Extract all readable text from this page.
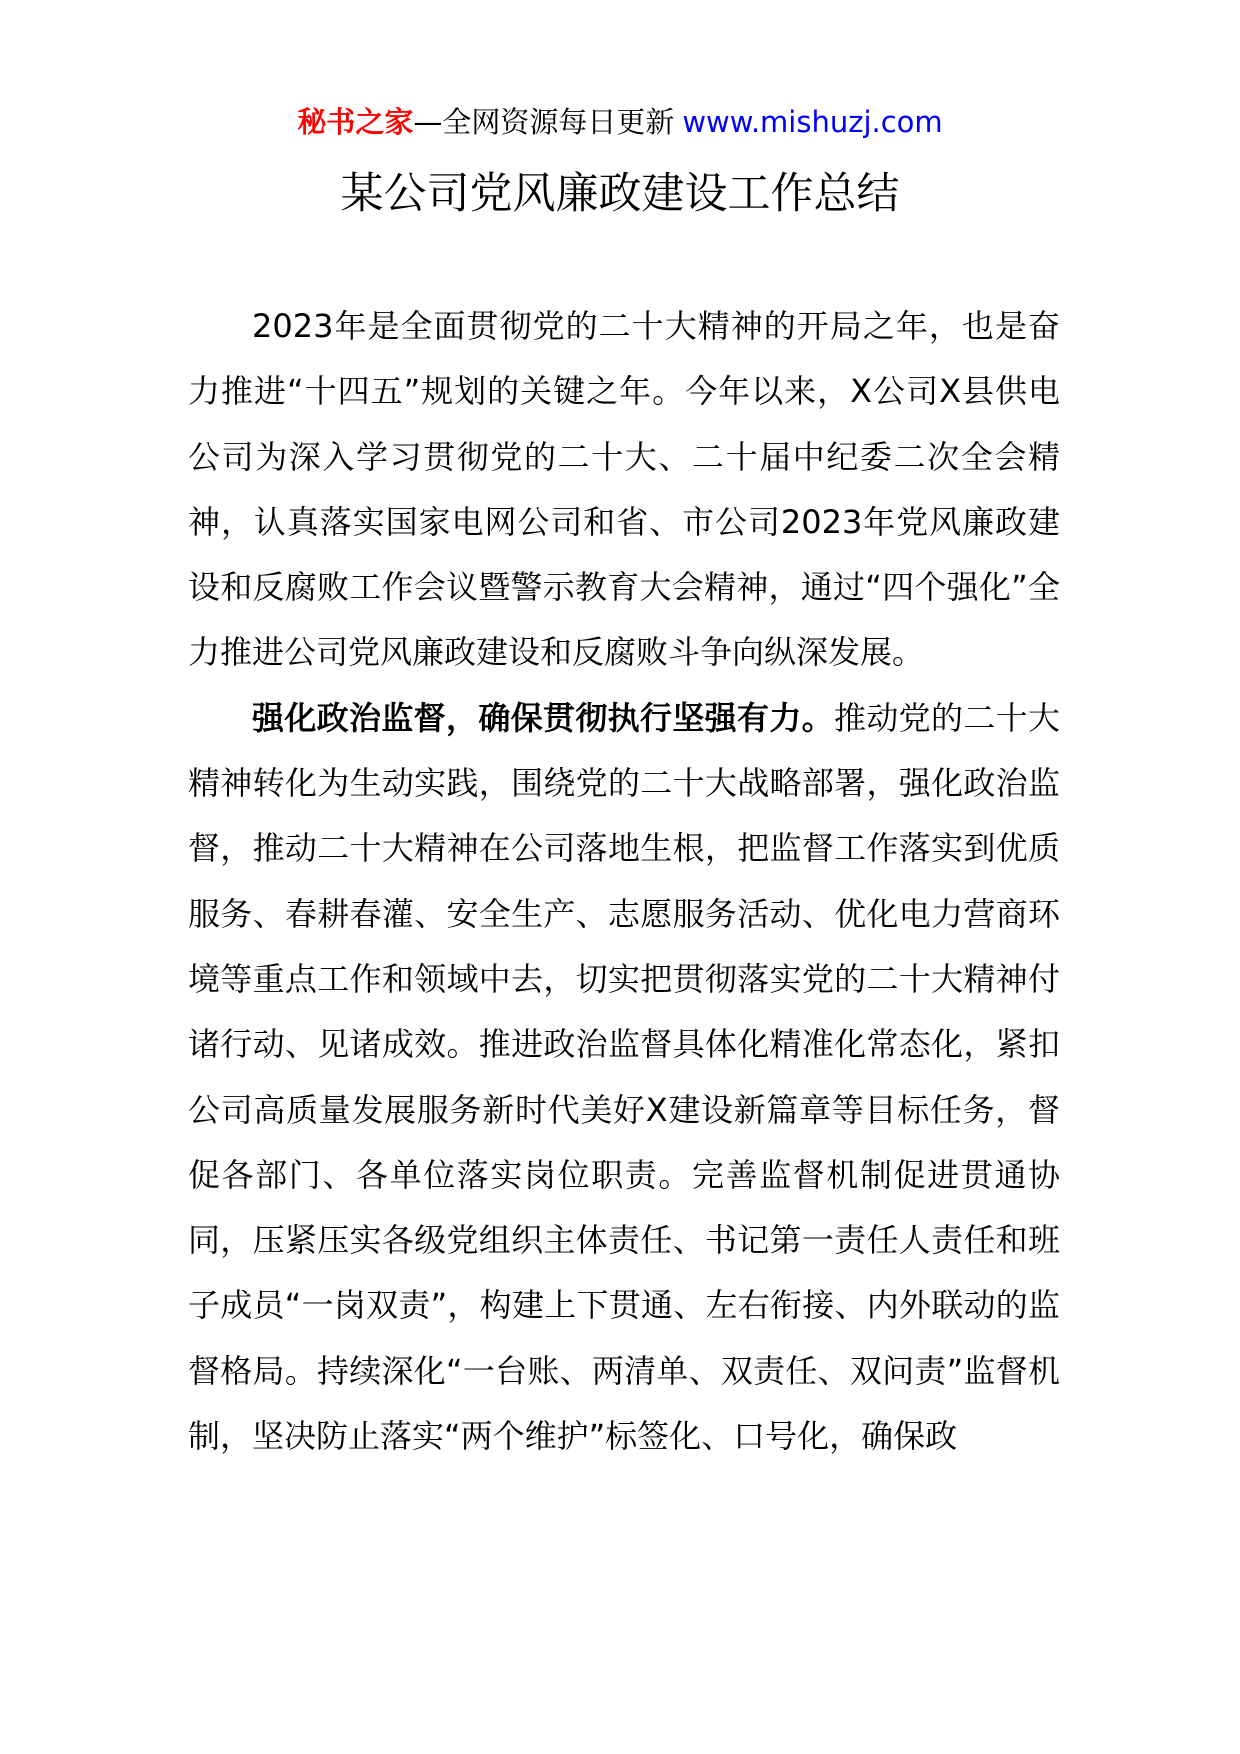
秘书之家—全网资源每日更新 www.mishuzj.com
某公司党风廉政建设工作总结

2023年是全面贯彻党的二十大精神的开局之年，也是奋力推进“十四五”规划的关键之年。今年以来，X公司X县供电公司为深入学习贯彻党的二十大、二十届中纪委二次全会精神，认真落实国家电网公司和省、市公司2023年党风廉政建设和反腐败工作会议暨警示教育大会精神，通过“四个强化”全力推进公司党风廉政建设和反腐败斗争向纵深发展。

强化政治监督，确保贯彻执行坚强有力。推动党的二十大精神转化为生动实践，围绕党的二十大战略部署，强化政治监督，推动二十大精神在公司落地生根，把监督工作落实到优质服务、春耕春灌、安全生产、志愿服务活动、优化电力营商环境等重点工作和领域中去，切实把贯彻落实党的二十大精神付诸行动、见诸成效。推进政治监督具体化精准化常态化，紧扣公司高质量发展服务新时代美好X建设新篇章等目标任务，督促各部门、各单位落实岗位职责。完善监督机制促进贯通协同，压紧压实各级党组织主体责任、书记第一责任人责任和班子成员“一岗双责”，构建上下贯通、左右衔接、内外联动的监督格局。持续深化“一台账、两清单、双责任、双问责”监督机制，坚决防止落实“两个维护”标签化、口号化，确保政
